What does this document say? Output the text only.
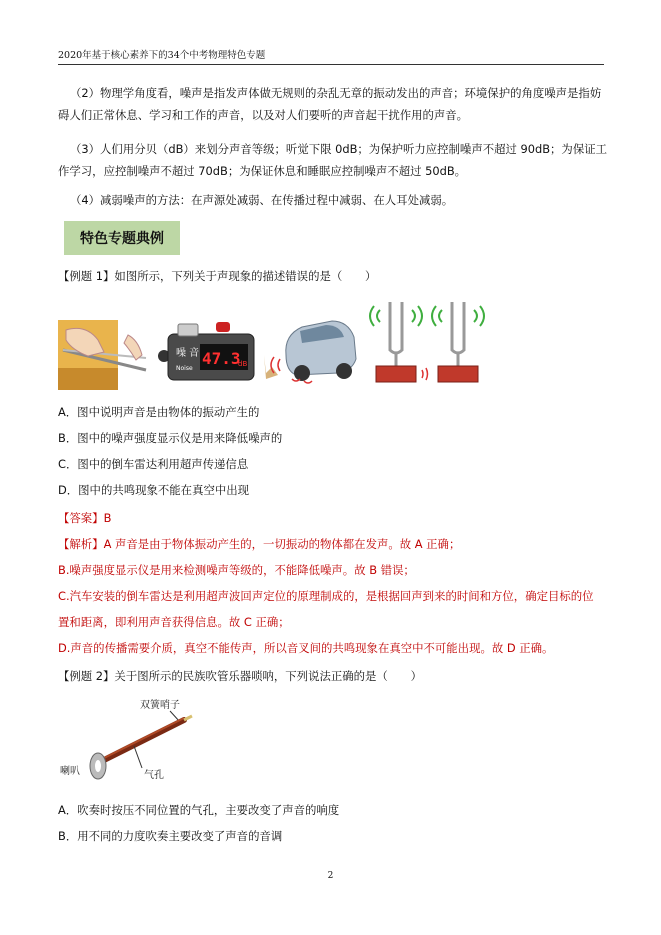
2020年基于核心素养下的34个中考物理特色专题
（2）物理学角度看，噪声是指发声体做无规则的杂乱无章的振动发出的声音；环境保护的角度噪声是指妨
碍人们正常休息、学习和工作的声音，以及对人们要听的声音起干扰作用的声音。
（3）人们用分贝（dB）来划分声音等级；听觉下限 0dB；为保护听力应控制噪声不超过 90dB；为保证工
作学习，应控制噪声不超过 70dB；为保证休息和睡眠应控制噪声不超过 50dB。
（4）减弱噪声的方法：在声源处减弱、在传播过程中减弱、在人耳处减弱。
特色专题典例
【例题 1】如图所示，下列关于声现象的描述错误的是（　　）
噪 音
Noise
47.3
dB
A．图中说明声音是由物体的振动产生的
B．图中的噪声强度显示仪是用来降低噪声的
C．图中的倒车雷达利用超声传递信息
D．图中的共鸣现象不能在真空中出现
【答案】B
【解析】A 声音是由于物体振动产生的，一切振动的物体都在发声。故 A 正确；
B.噪声强度显示仪是用来检测噪声等级的，不能降低噪声。故 B 错误；
C.汽车安装的倒车雷达是利用超声波回声定位的原理制成的，是根据回声到来的时间和方位，确定目标的位
置和距离，即利用声音获得信息。故 C 正确；
D.声音的传播需要介质，真空不能传声，所以音叉间的共鸣现象在真空中不可能出现。故 D 正确。
【例题 2】关于图所示的民族吹管乐器唢呐，下列说法正确的是（　　）
双簧哨子
喇叭	气孔
A．吹奏时按压不同位置的气孔，主要改变了声音的响度
B．用不同的力度吹奏主要改变了声音的音调
2
